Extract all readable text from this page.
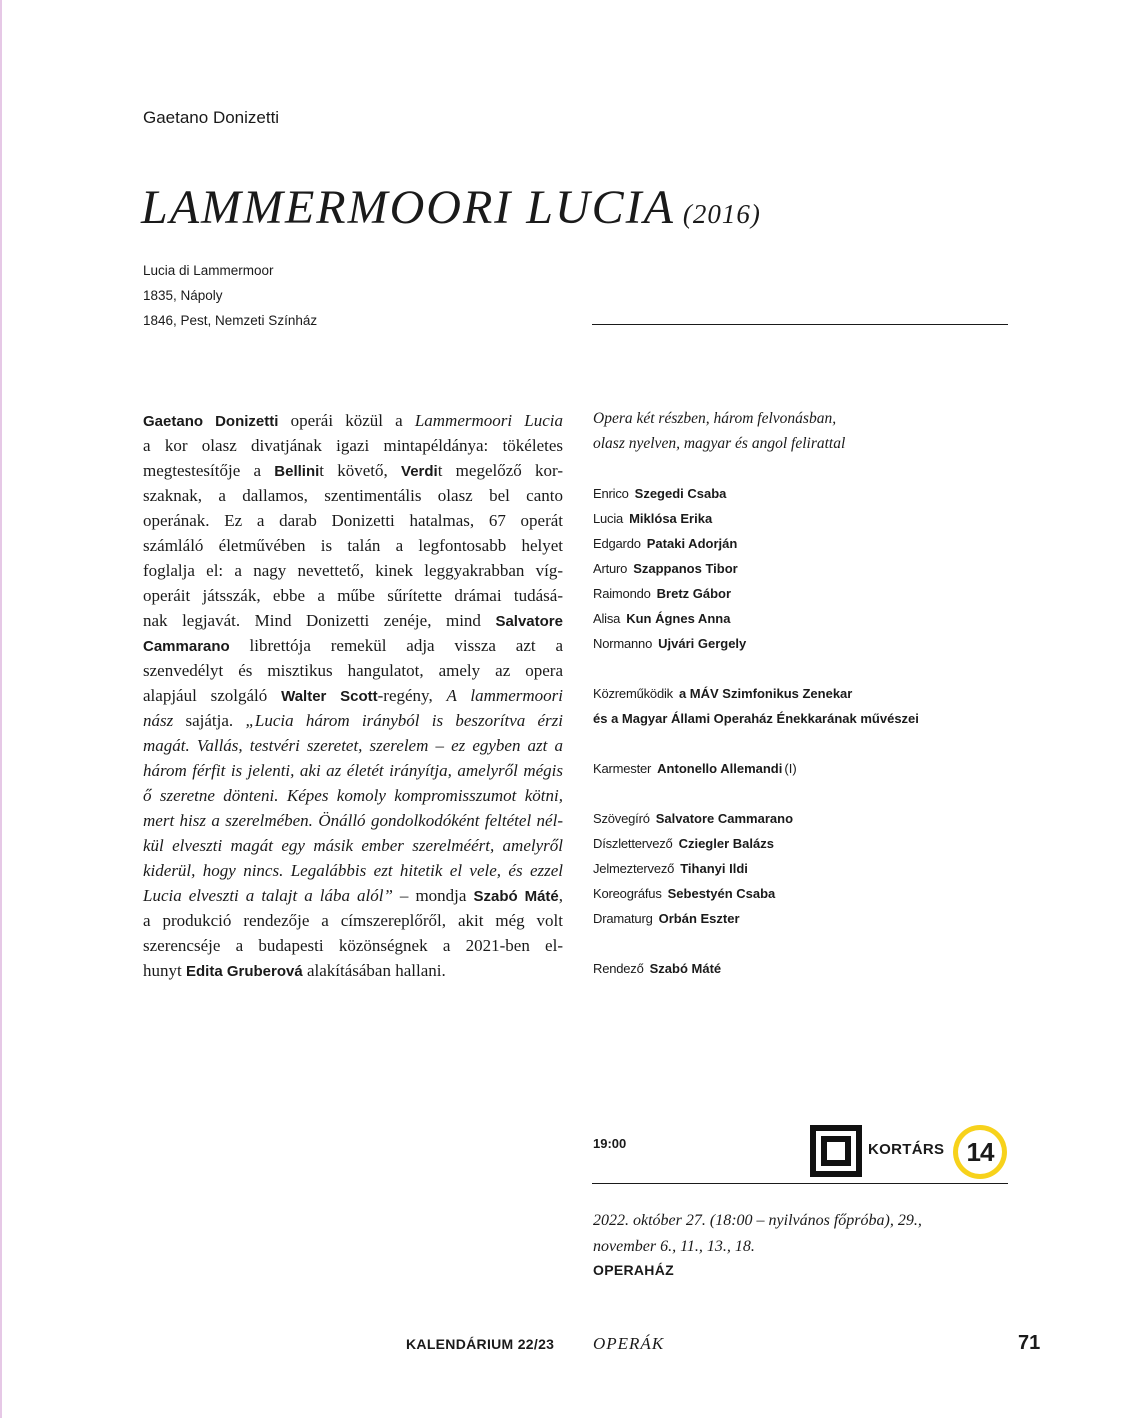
Gaetano Donizetti
LAMMERMOORI LUCIA (2016)
Lucia di Lammermoor
1835, Nápoly
1846, Pest, Nemzeti Színház
Gaetano Donizetti operái közül a Lammermoori Lucia
a kor olasz divatjának igazi mintapéldánya: tökéletes
megtestesítője a Bellinit követő, Verdit megelőző kor-
szaknak, a dallamos, szentimentális olasz bel canto
operának. Ez a darab Donizetti hatalmas, 67 operát
számláló életművében is talán a legfontosabb helyet
foglalja el: a nagy nevettető, kinek leggyakrabban víg-
operáit játsszák, ebbe a műbe sűrítette drámai tudásá-
nak legjavát. Mind Donizetti zenéje, mind Salvatore
Cammarano librettója remekül adja vissza azt a
szenvedélyt és misztikus hangulatot, amely az opera
alapjául szolgáló Walter Scott-regény, A lammermoori
nász sajátja. „Lucia három irányból is beszorítva érzi
magát. Vallás, testvéri szeretet, szerelem – ez egyben azt a
három férfit is jelenti, aki az életét irányítja, amelyről mégis
ő szeretne dönteni. Képes komoly kompromisszumot kötni,
mert hisz a szerelmében. Önálló gondolkodóként feltétel nél-
kül elveszti magát egy másik ember szerelméért, amelyről
kiderül, hogy nincs. Legalábbis ezt hitetik el vele, és ezzel
Lucia elveszti a talajt a lába alól” – mondja Szabó Máté,
a produkció rendezője a címszereplőről, akit még volt
szerencséje a budapesti közönségnek a 2021-ben el-
hunyt Edita Gruberová alakításában hallani.
Opera két részben, három felvonásban,
olasz nyelven, magyar és angol felirattal
Enrico Szegedi Csaba
Lucia Miklósa Erika
Edgardo Pataki Adorján
Arturo Szappanos Tibor
Raimondo Bretz Gábor
Alisa Kun Ágnes Anna
Normanno Ujvári Gergely
Közreműködik a MÁV Szimfonikus Zenekar
és a Magyar Állami Operaház Énekkarának művészei
Karmester Antonello Allemandi (I)
Szövegíró Salvatore Cammarano
Díszlettervező Cziegler Balázs
Jelmeztervező Tihanyi Ildi
Koreográfus Sebestyén Csaba
Dramaturg Orbán Eszter
Rendező Szabó Máté
19:00	KORTÁRS 14
2022. október 27. (18:00 – nyilvános főpróba), 29.,
november 6., 11., 13., 18.
OPERAHÁZ
KALENDÁRIUM 22/23 OPERÁK	71
